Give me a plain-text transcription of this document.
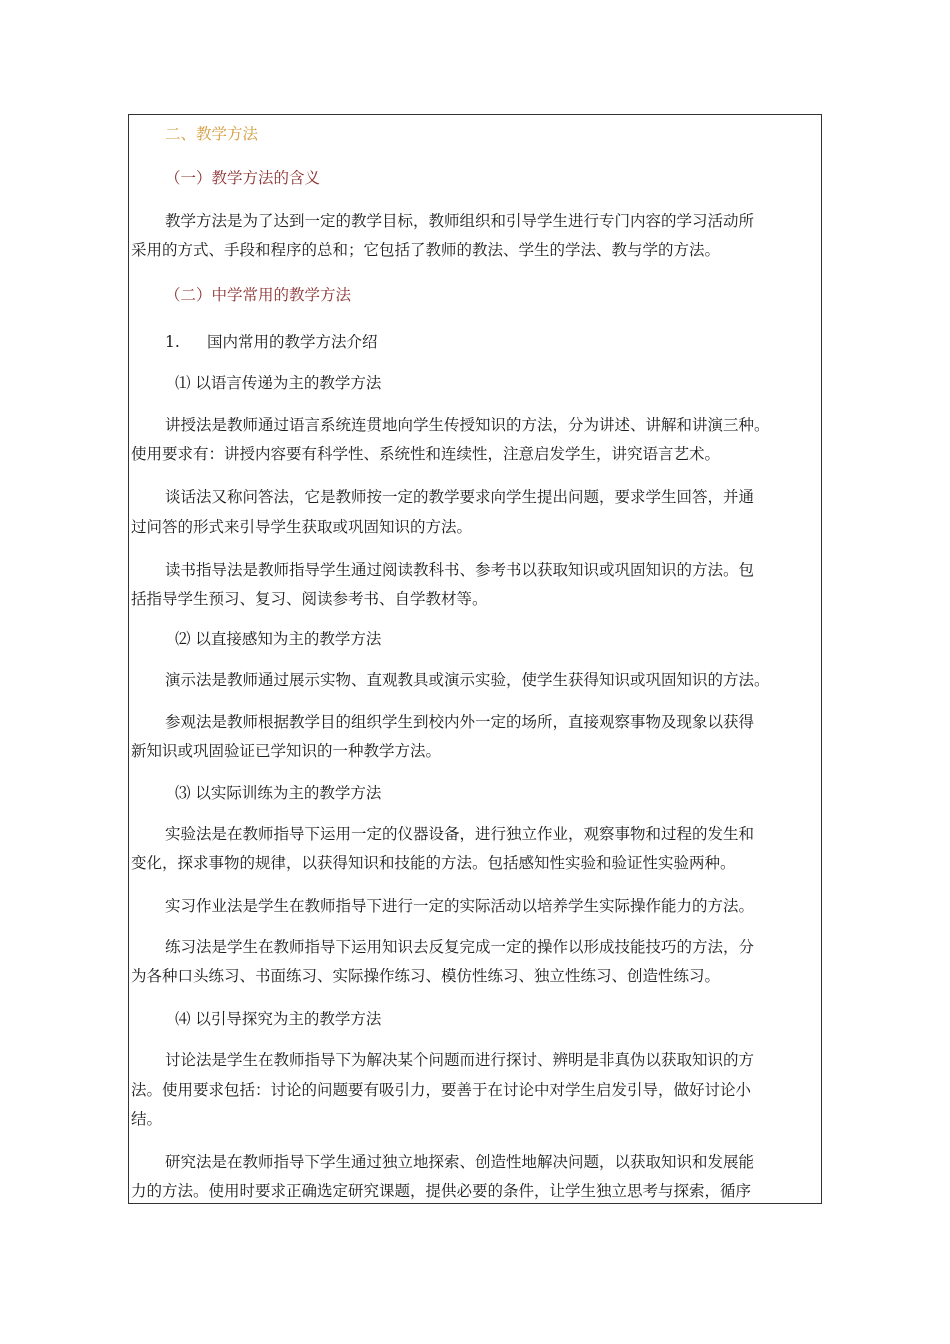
二、教学方法
（一）教学方法的含义
教学方法是为了达到一定的教学目标，教师组织和引导学生进行专门内容的学习活动所
采用的方式、手段和程序的总和；它包括了教师的教法、学生的学法、教与学的方法。
（二）中学常用的教学方法
1. 国内常用的教学方法介绍
⑴ 以语言传递为主的教学方法
讲授法是教师通过语言系统连贯地向学生传授知识的方法，分为讲述、讲解和讲演三种。
使用要求有：讲授内容要有科学性、系统性和连续性，注意启发学生，讲究语言艺术。
谈话法又称问答法，它是教师按一定的教学要求向学生提出问题，要求学生回答，并通
过问答的形式来引导学生获取或巩固知识的方法。
读书指导法是教师指导学生通过阅读教科书、参考书以获取知识或巩固知识的方法。包
括指导学生预习、复习、阅读参考书、自学教材等。
⑵ 以直接感知为主的教学方法
演示法是教师通过展示实物、直观教具或演示实验，使学生获得知识或巩固知识的方法。
参观法是教师根据教学目的组织学生到校内外一定的场所，直接观察事物及现象以获得
新知识或巩固验证已学知识的一种教学方法。
⑶ 以实际训练为主的教学方法
实验法是在教师指导下运用一定的仪器设备，进行独立作业，观察事物和过程的发生和
变化，探求事物的规律，以获得知识和技能的方法。包括感知性实验和验证性实验两种。
实习作业法是学生在教师指导下进行一定的实际活动以培养学生实际操作能力的方法。
练习法是学生在教师指导下运用知识去反复完成一定的操作以形成技能技巧的方法，分
为各种口头练习、书面练习、实际操作练习、模仿性练习、独立性练习、创造性练习。
⑷ 以引导探究为主的教学方法
讨论法是学生在教师指导下为解决某个问题而进行探讨、辨明是非真伪以获取知识的方
法。使用要求包括：讨论的问题要有吸引力，要善于在讨论中对学生启发引导，做好讨论小
结。
研究法是在教师指导下学生通过独立地探索、创造性地解决问题，以获取知识和发展能
力的方法。使用时要求正确选定研究课题，提供必要的条件，让学生独立思考与探索，循序
